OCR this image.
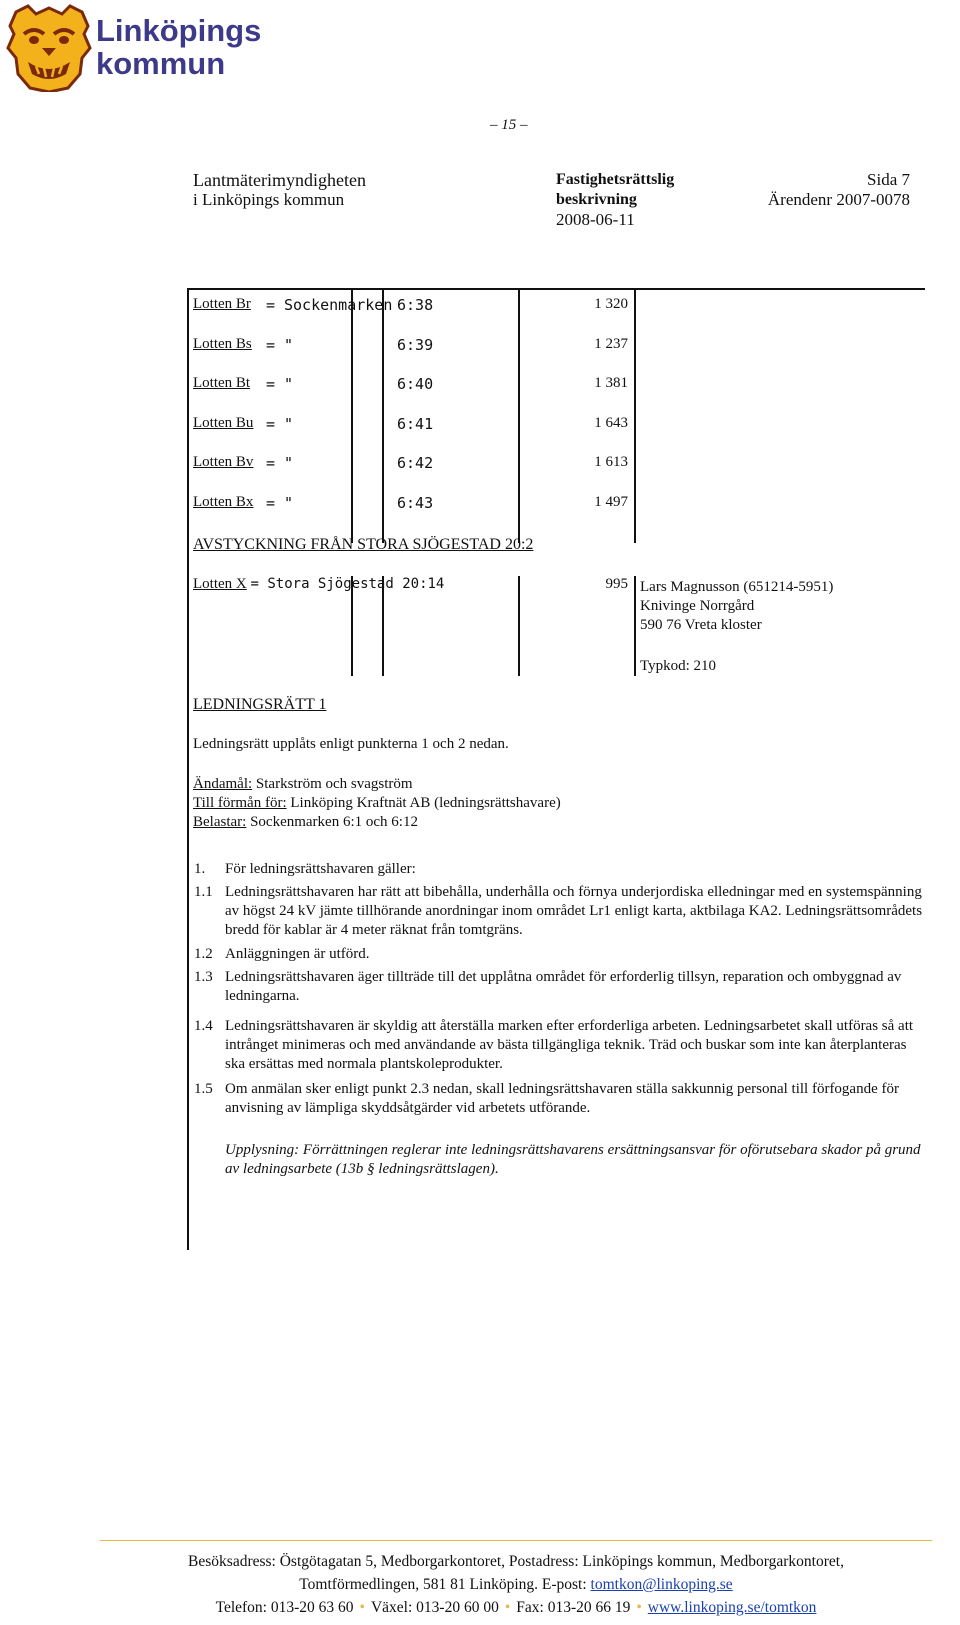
Linköpings
kommun
– 15 –
Lantmäterimyndigheten
i Linköpings kommun
Fastighetsrättslig
beskrivning
2008-06-11
Sida 7
Ärendenr 2007-0078
Lotten Br = Sockenmarken 6:38	1 320
Lotten Bs = "	6:39	1 237
Lotten Bt = "	6:40	1 381
Lotten Bu = "	6:41	1 643
Lotten Bv = "	6:42	1 613
Lotten Bx = "	6:43	1 497
AVSTYCKNING FRÅN STORA SJÖGESTAD 20:2
Lotten X = Stora Sjögestad 20:14	995 Lars Magnusson (651214-5951)
Knivinge Norrgård
590 76 Vreta kloster
Typkod: 210
LEDNINGSRÄTT 1
Ledningsrätt upplåts enligt punkterna 1 och 2 nedan.
Ändamål: Starkström och svagström
Till förmån för: Linköping Kraftnät AB (ledningsrättshavare)
Belastar: Sockenmarken 6:1 och 6:12
1. För ledningsrättshavaren gäller:
1.1 Ledningsrättshavaren har rätt att bibehålla, underhålla och förnya underjordiska elledningar med en systemspänning av högst 24 kV jämte tillhörande anordningar inom området Lr1 enligt karta, aktbilaga KA2. Ledningsrättsområdets bredd för kablar är 4 meter räknat från tomtgräns.
1.2 Anläggningen är utförd.
1.3 Ledningsrättshavaren äger tillträde till det upplåtna området för erforderlig tillsyn, reparation och ombyggnad av ledningarna.
1.4 Ledningsrättshavaren är skyldig att återställa marken efter erforderliga arbeten. Ledningsarbetet skall utföras så att intrånget minimeras och med användande av bästa tillgängliga teknik. Träd och buskar som inte kan återplanteras ska ersättas med normala plantskoleprodukter.
1.5 Om anmälan sker enligt punkt 2.3 nedan, skall ledningsrättshavaren ställa sakkunnig personal till förfogande för anvisning av lämpliga skyddsåtgärder vid arbetets utförande.
Upplysning: Förrättningen reglerar inte ledningsrättshavarens ersättningsansvar för oförutsebara skador på grund av ledningsarbete (13b § ledningsrättslagen).
Besöksadress: Östgötagatan 5, Medborgarkontoret, Postadress: Linköpings kommun, Medborgarkontoret,
Tomtförmedlingen, 581 81 Linköping. E-post: tomtkon@linkoping.se
Telefon: 013-20 63 60 • Växel: 013-20 60 00 • Fax: 013-20 66 19 • www.linkoping.se/tomtkon
